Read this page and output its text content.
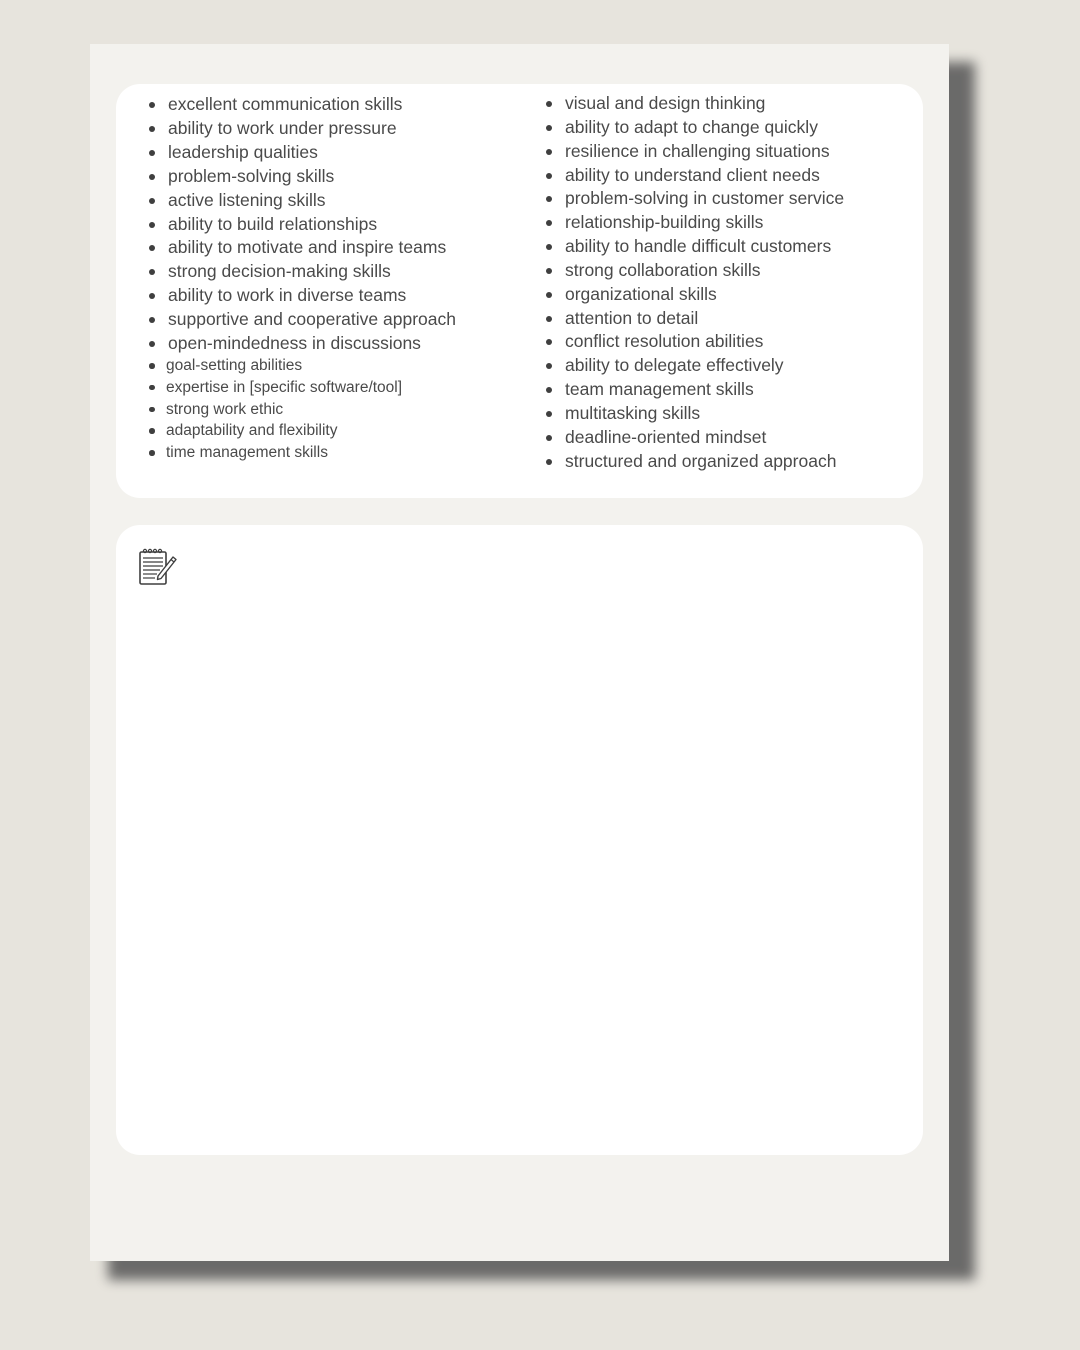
excellent communication skills
ability to work under pressure
leadership qualities
problem-solving skills
active listening skills
ability to build relationships
ability to motivate and inspire teams
strong decision-making skills
ability to work in diverse teams
supportive and cooperative approach
open-mindedness in discussions
goal-setting abilities
expertise in [specific software/tool]
strong work ethic
adaptability and flexibility
time management skills
visual and design thinking
ability to adapt to change quickly
resilience in challenging situations
ability to understand client needs
problem-solving in customer service
relationship-building skills
ability to handle difficult customers
strong collaboration skills
organizational skills
attention to detail
conflict resolution abilities
ability to delegate effectively
team management skills
multitasking skills
deadline-oriented mindset
structured and organized approach
